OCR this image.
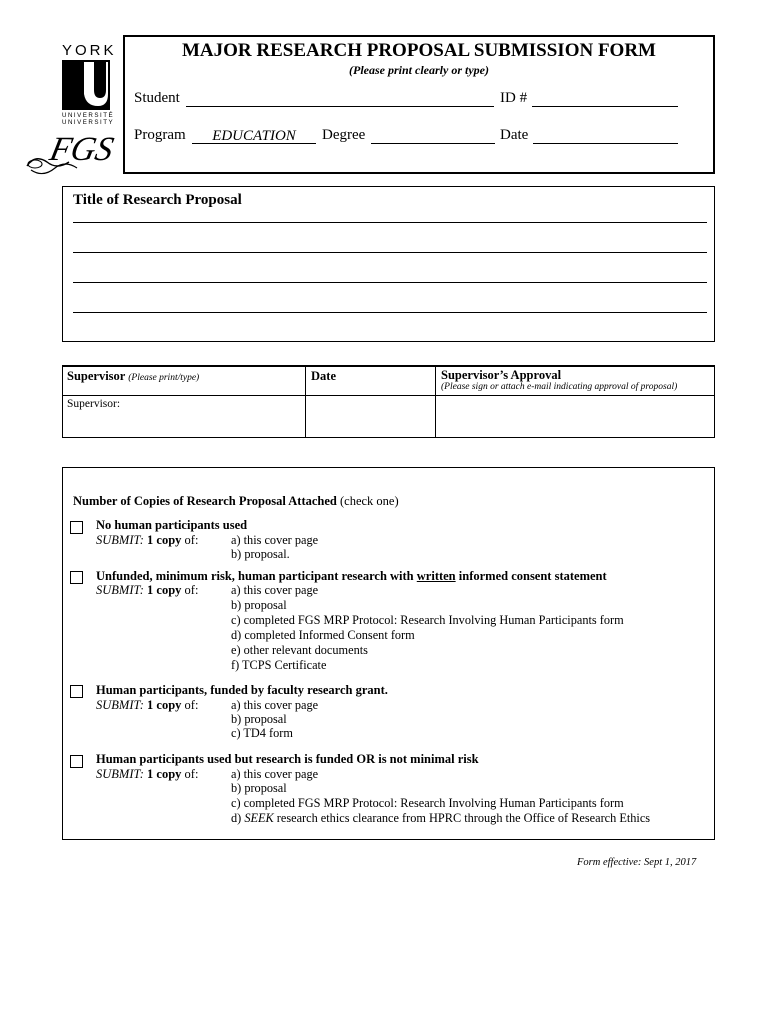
YORK
UNIVERSITÉ
UNIVERSITY
FGS
MAJOR RESEARCH PROPOSAL SUBMISSION FORM
(Please print clearly or type)
Student	ID #
Program	EDUCATION	Degree	Date
Title of Research Proposal
Supervisor (Please print/type)	Date	Supervisor’s Approval
(Please sign or attach e-mail indicating approval of proposal)
Supervisor:
Number of Copies of Research Proposal Attached (check one)
No human participants used
SUBMIT: 1 copy of:	a) this cover page
b) proposal.
Unfunded, minimum risk, human participant research with written informed consent statement
SUBMIT: 1 copy of:	a) this cover page
b) proposal
c) completed FGS MRP Protocol: Research Involving Human Participants form
d) completed Informed Consent form
e) other relevant documents
f) TCPS Certificate
Human participants, funded by faculty research grant.
SUBMIT: 1 copy of:	a) this cover page
b) proposal
c) TD4 form
Human participants used but research is funded OR is not minimal risk
SUBMIT: 1 copy of:	a) this cover page
b) proposal
c) completed FGS MRP Protocol: Research Involving Human Participants form
d) SEEK research ethics clearance from HPRC through the Office of Research Ethics
Form effective: Sept 1, 2017
